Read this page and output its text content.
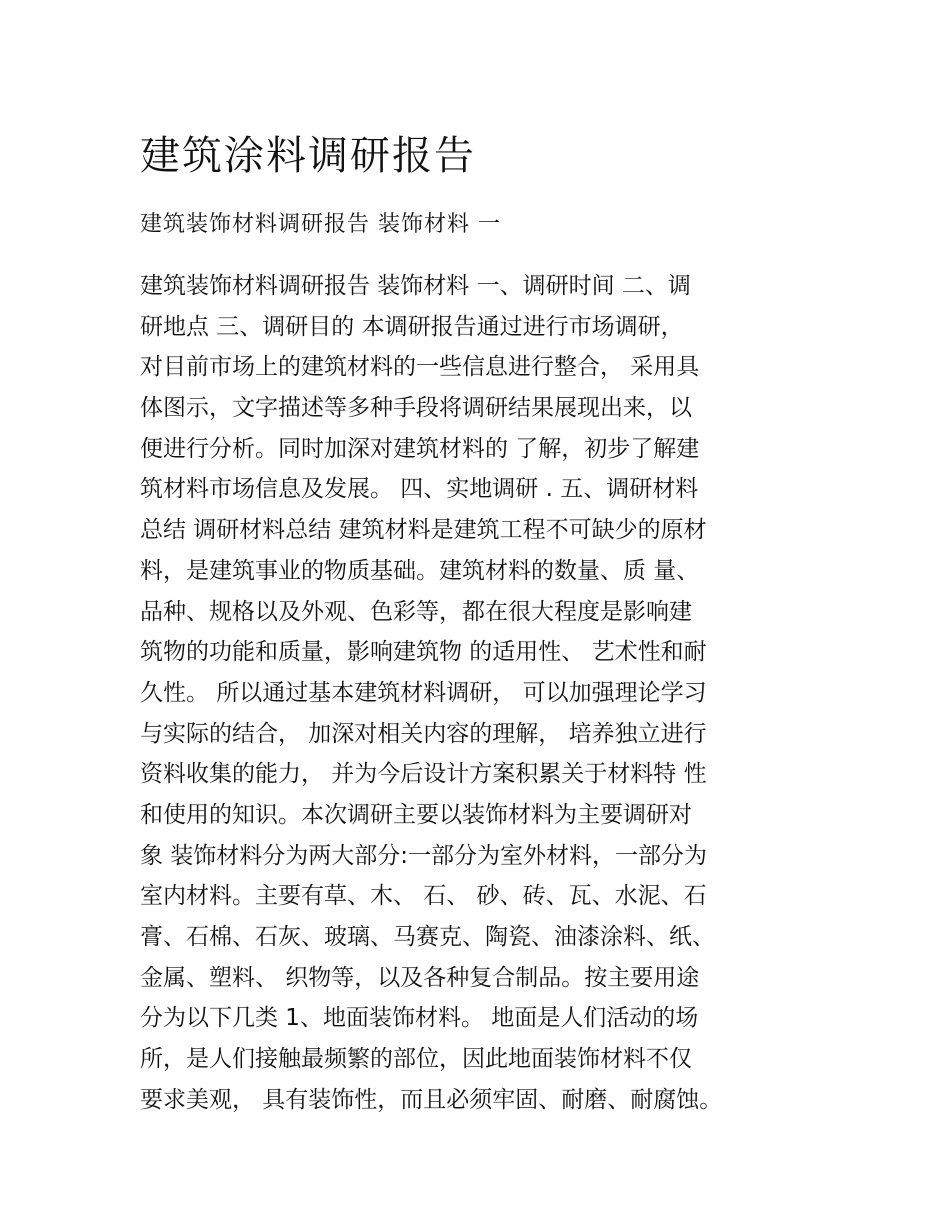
建筑涂料调研报告

建筑装饰材料调研报告 装饰材料 一

建筑装饰材料调研报告 装饰材料 一、调研时间 二、调
研地点 三、调研目的 本调研报告通过进行市场调研，
对目前市场上的建筑材料的一些信息进行整合， 采用具
体图示，文字描述等多种手段将调研结果展现出来，以
便进行分析。同时加深对建筑材料的 了解，初步了解建
筑材料市场信息及发展。 四、实地调研 . 五、调研材料
总结 调研材料总结 建筑材料是建筑工程不可缺少的原材
料，是建筑事业的物质基础。建筑材料的数量、质 量、
品种、规格以及外观、色彩等，都在很大程度是影响建
筑物的功能和质量，影响建筑物 的适用性、 艺术性和耐
久性。 所以通过基本建筑材料调研， 可以加强理论学习
与实际的结合， 加深对相关内容的理解， 培养独立进行
资料收集的能力， 并为今后设计方案积累关于材料特 性
和使用的知识。本次调研主要以装饰材料为主要调研对
象 装饰材料分为两大部分:一部分为室外材料，一部分为
室内材料。主要有草、木、 石、 砂、砖、瓦、水泥、石
膏、石棉、石灰、玻璃、马赛克、陶瓷、油漆涂料、纸、
金属、塑料、 织物等，以及各种复合制品。按主要用途
分为以下几类 1、地面装饰材料。 地面是人们活动的场
所，是人们接触最频繁的部位，因此地面装饰材料不仅
要求美观， 具有装饰性，而且必须牢固、耐磨、耐腐蚀。
